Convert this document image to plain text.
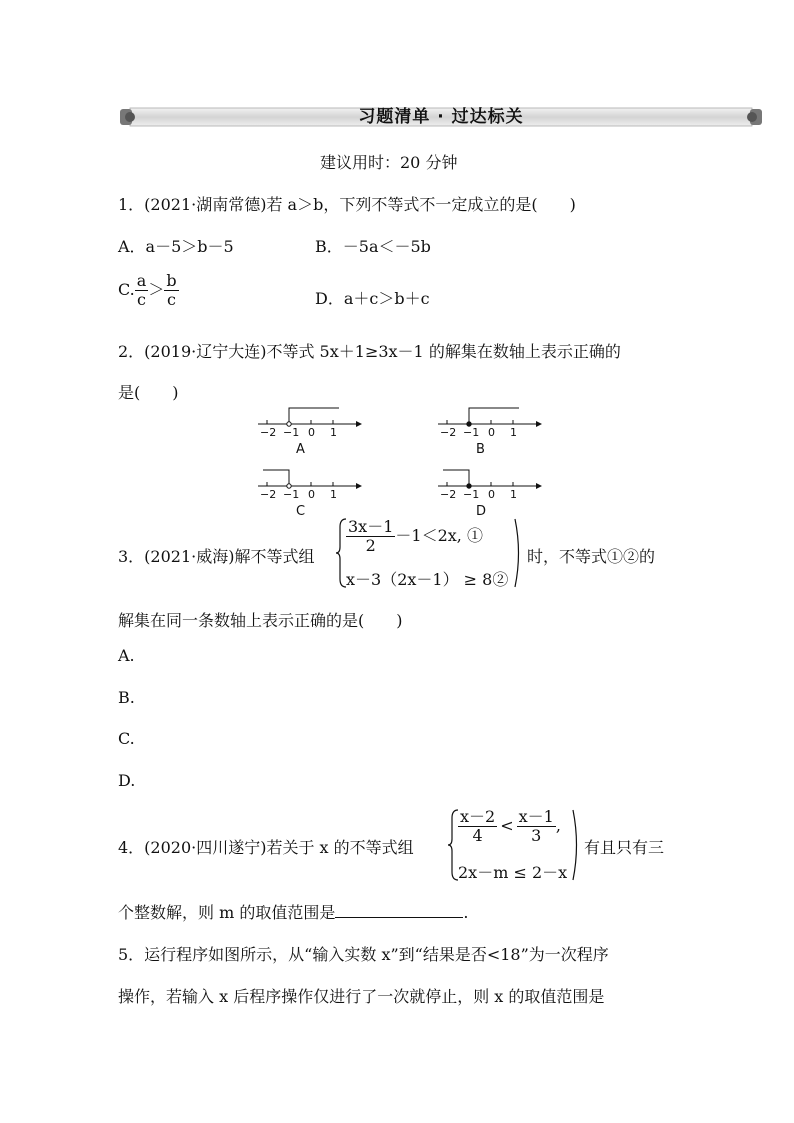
习题清单 · 过达标关
建议用时：20 分钟
1．(2021·湖南常德)若 a＞b，下列不等式不一定成立的是(　　)
A．a－5＞b－5	B．－5a＜－5b
C. $\frac{a}{c} > \frac{b}{c}$	D．a＋c＞b＋c
2．(2019·辽宁大连)不等式 5x＋1≥3x－1 的解集在数轴上表示正确的
是(　　)
−2 −1 0 1
A
−2 −1 0 1
B
−2 −1 0 1
C
−2 −1 0 1
D
3．(2021·威海)解不等式组
$\frac{3x-1}{2} -1<2x$, ①
x－3（2x－1） ≥ 8②
时，不等式①②的
解集在同一条数轴上表示正确的是(　　)
A.
B.
C.
D.
4．(2020·四川遂宁)若关于 x 的不等式组
$\frac{x-2}{4} < \frac{x-1}{3}$ ,
2x－m ≤ 2－x
有且只有三
个整数解，则 m 的取值范围是	.
5．运行程序如图所示，从“输入实数 x”到“结果是否<18”为一次程序
操作，若输入 x 后程序操作仅进行了一次就停止，则 x 的取值范围是
